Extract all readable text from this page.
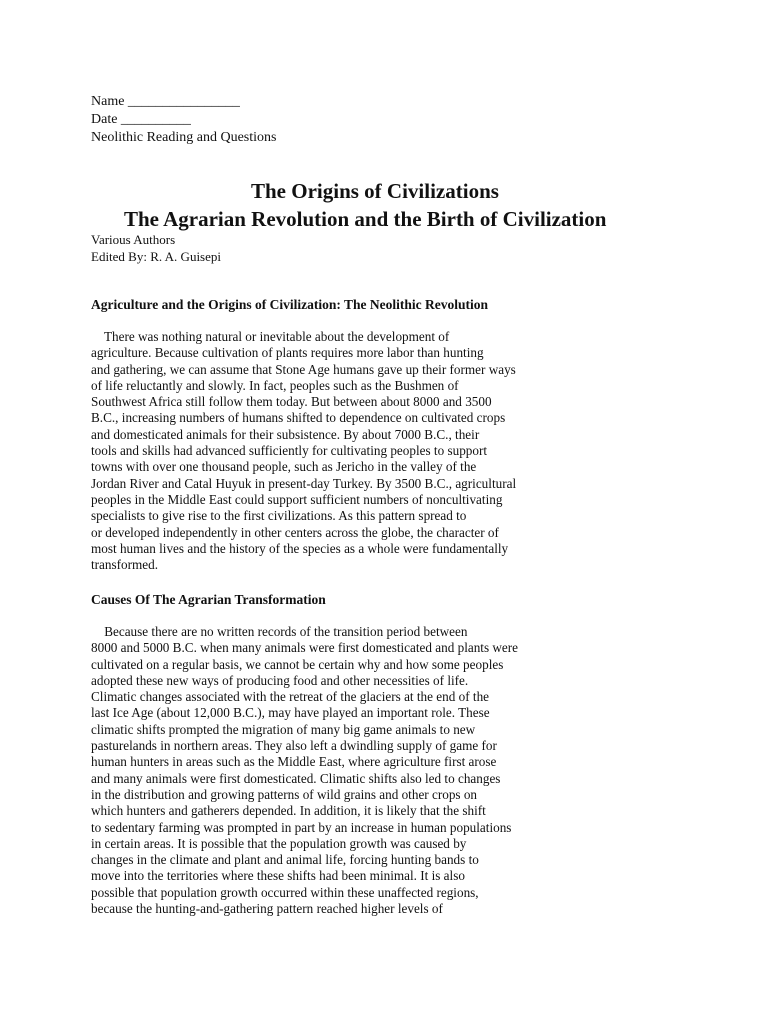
Name ________________
Date __________
Neolithic Reading and Questions
The Origins of Civilizations
The Agrarian Revolution and the Birth of Civilization
Various Authors
Edited By: R. A. Guisepi
Agriculture and the Origins of Civilization: The Neolithic Revolution
There was nothing natural or inevitable about the development of
agriculture. Because cultivation of plants requires more labor than hunting
and gathering, we can assume that Stone Age humans gave up their former ways
of life reluctantly and slowly. In fact, peoples such as the Bushmen of
Southwest Africa still follow them today. But between about 8000 and 3500
B.C., increasing numbers of humans shifted to dependence on cultivated crops
and domesticated animals for their subsistence. By about 7000 B.C., their
tools and skills had advanced sufficiently for cultivating peoples to support
towns with over one thousand people, such as Jericho in the valley of the
Jordan River and Catal Huyuk in present-day Turkey. By 3500 B.C., agricultural
peoples in the Middle East could support sufficient numbers of noncultivating
specialists to give rise to the first civilizations. As this pattern spread to
or developed independently in other centers across the globe, the character of
most human lives and the history of the species as a whole were fundamentally
transformed.
Causes Of The Agrarian Transformation
Because there are no written records of the transition period between
8000 and 5000 B.C. when many animals were first domesticated and plants were
cultivated on a regular basis, we cannot be certain why and how some peoples
adopted these new ways of producing food and other necessities of life.
Climatic changes associated with the retreat of the glaciers at the end of the
last Ice Age (about 12,000 B.C.), may have played an important role. These
climatic shifts prompted the migration of many big game animals to new
pasturelands in northern areas. They also left a dwindling supply of game for
human hunters in areas such as the Middle East, where agriculture first arose
and many animals were first domesticated. Climatic shifts also led to changes
in the distribution and growing patterns of wild grains and other crops on
which hunters and gatherers depended. In addition, it is likely that the shift
to sedentary farming was prompted in part by an increase in human populations
in certain areas. It is possible that the population growth was caused by
changes in the climate and plant and animal life, forcing hunting bands to
move into the territories where these shifts had been minimal. It is also
possible that population growth occurred within these unaffected regions,
because the hunting-and-gathering pattern reached higher levels of
